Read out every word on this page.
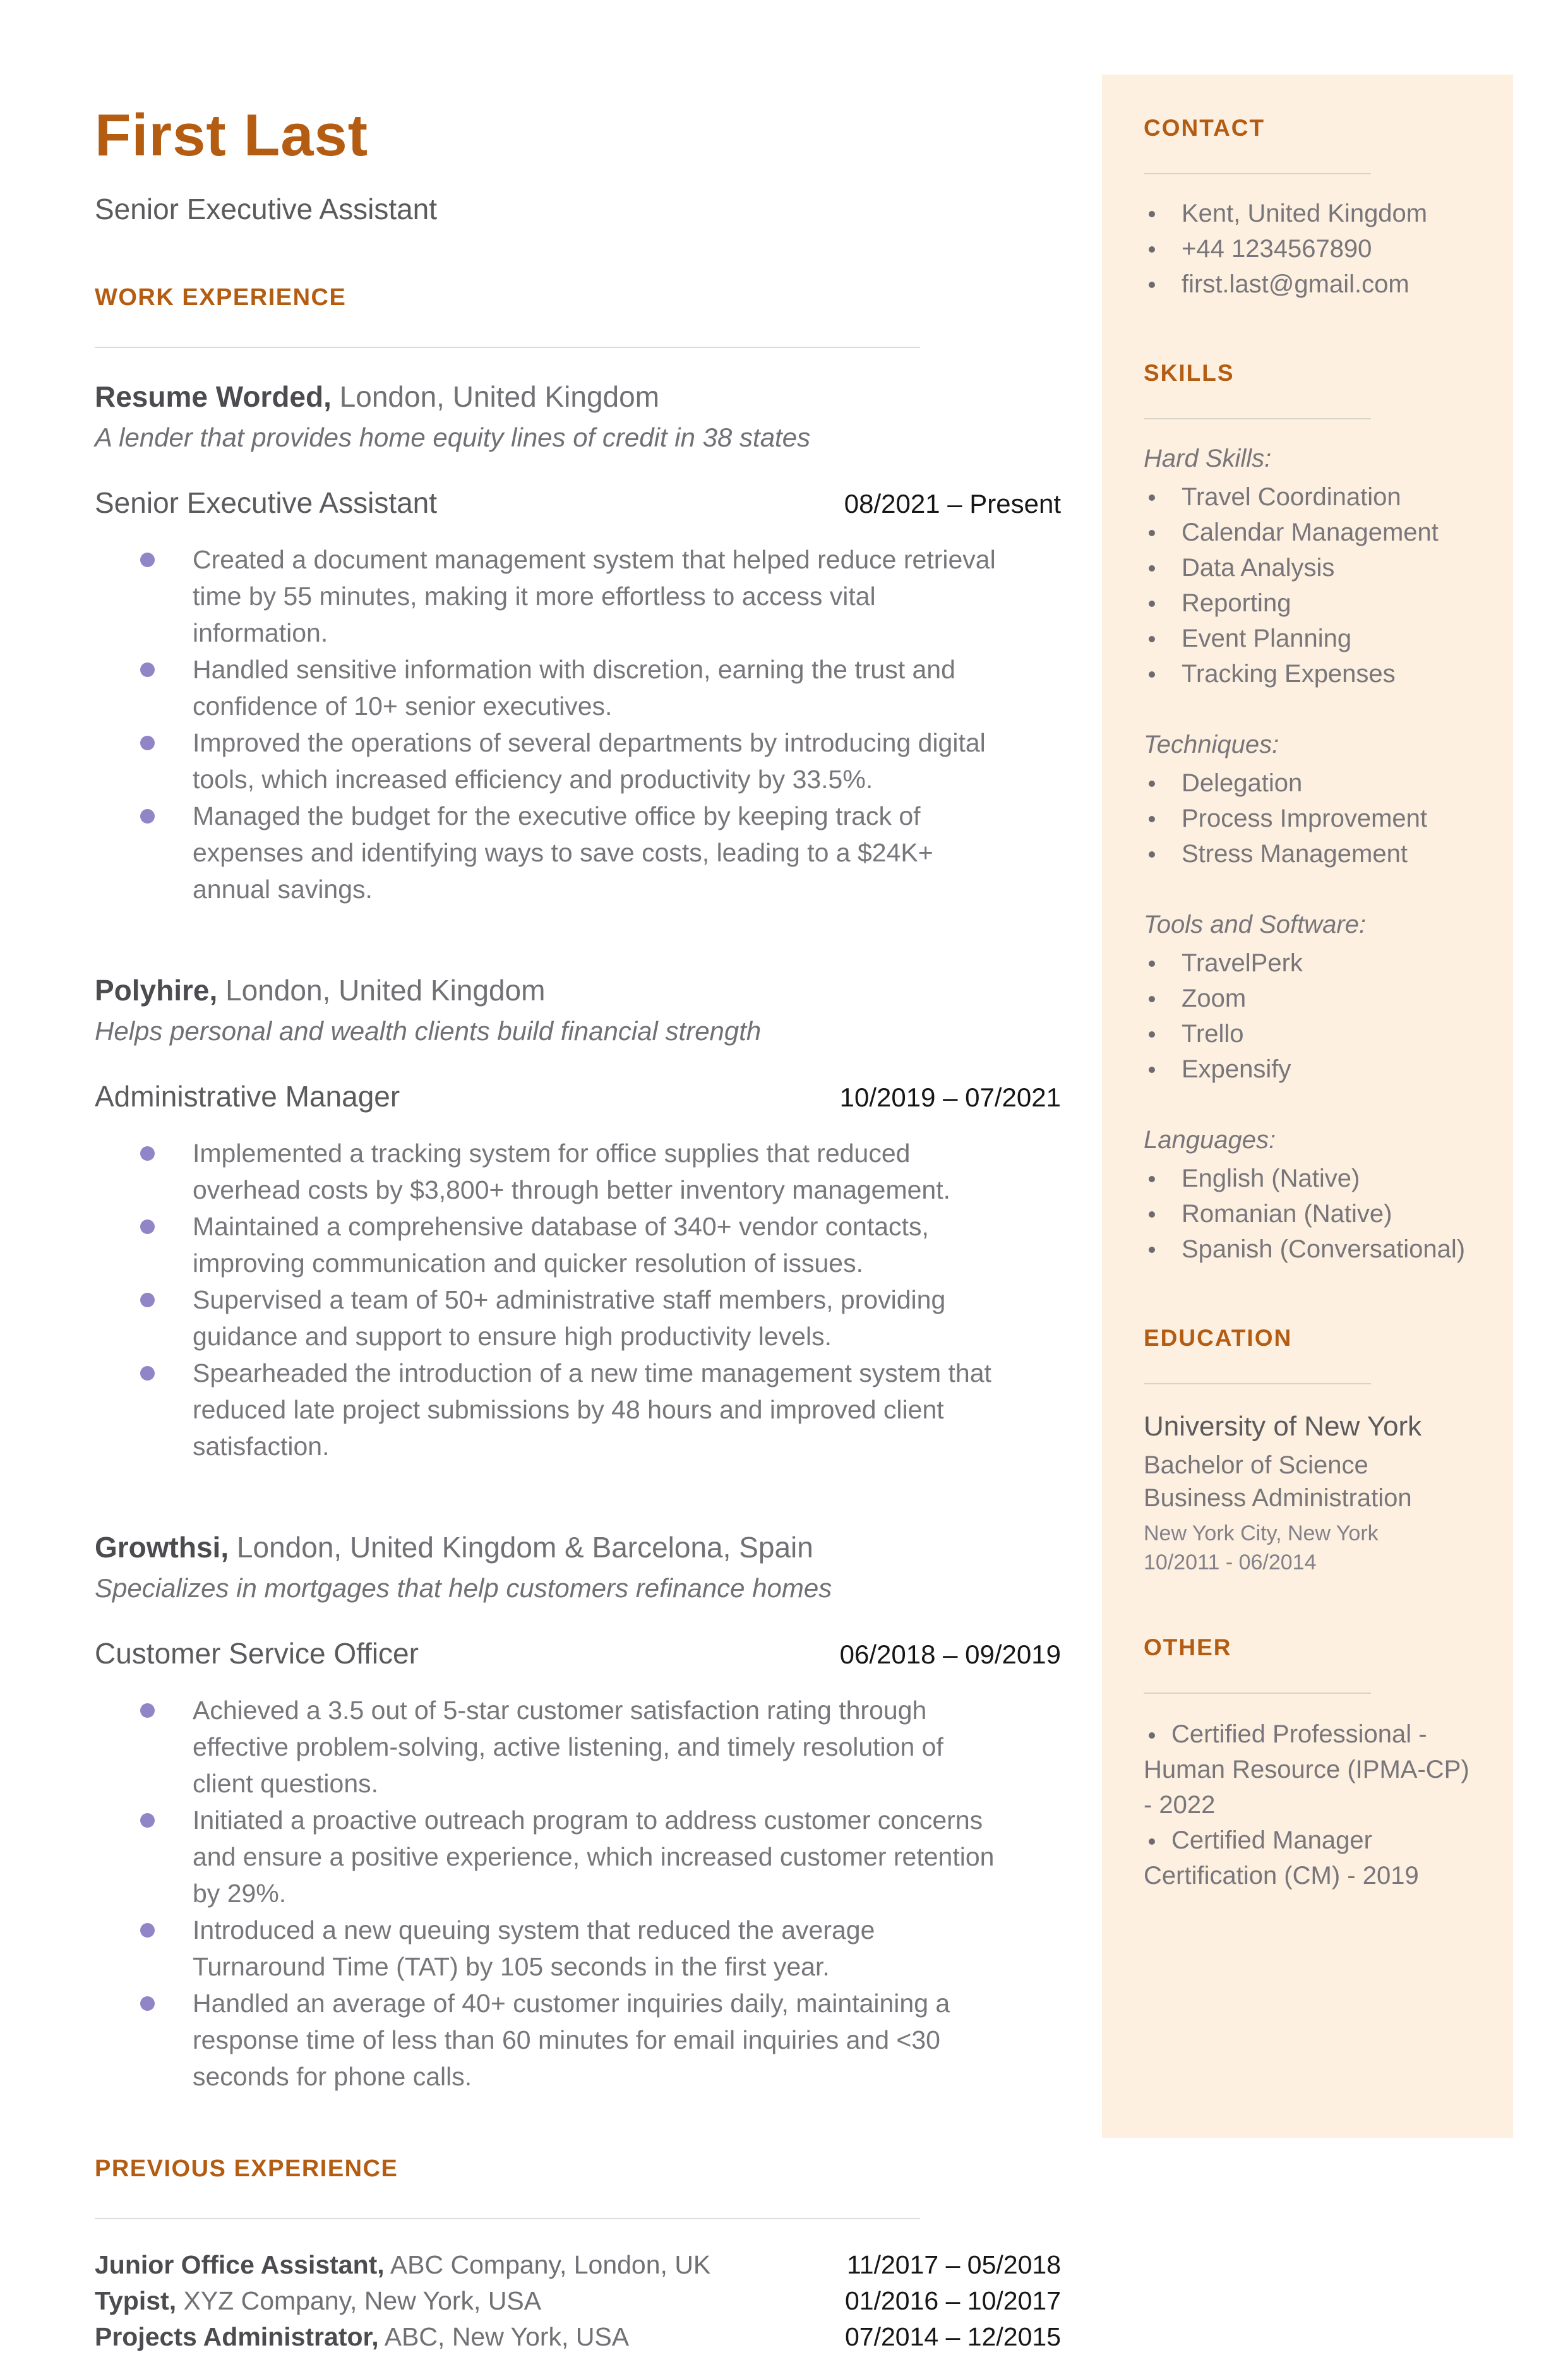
First Last
Senior Executive Assistant
WORK EXPERIENCE
Resume Worded, London, United Kingdom
A lender that provides home equity lines of credit in 38 states
Senior Executive Assistant	08/2021 – Present
Created a document management system that helped reduce retrieval time by 55 minutes, making it more effortless to access vital information.
Handled sensitive information with discretion, earning the trust and confidence of 10+ senior executives.
Improved the operations of several departments by introducing digital tools, which increased efficiency and productivity by 33.5%.
Managed the budget for the executive office by keeping track of expenses and identifying ways to save costs, leading to a $24K+ annual savings.
Polyhire, London, United Kingdom
Helps personal and wealth clients build financial strength
Administrative Manager	10/2019 – 07/2021
Implemented a tracking system for office supplies that reduced overhead costs by $3,800+ through better inventory management.
Maintained a comprehensive database of 340+ vendor contacts, improving communication and quicker resolution of issues.
Supervised a team of 50+ administrative staff members, providing guidance and support to ensure high productivity levels.
Spearheaded the introduction of a new time management system that reduced late project submissions by 48 hours and improved client satisfaction.
Growthsi, London, United Kingdom & Barcelona, Spain
Specializes in mortgages that help customers refinance homes
Customer Service Officer	06/2018 – 09/2019
Achieved a 3.5 out of 5-star customer satisfaction rating through effective problem-solving, active listening, and timely resolution of client questions.
Initiated a proactive outreach program to address customer concerns and ensure a positive experience, which increased customer retention by 29%.
Introduced a new queuing system that reduced the average Turnaround Time (TAT) by 105 seconds in the first year.
Handled an average of 40+ customer inquiries daily, maintaining a response time of less than 60 minutes for email inquiries and <30 seconds for phone calls.
PREVIOUS EXPERIENCE
Junior Office Assistant, ABC Company, London, UK	11/2017 – 05/2018
Typist, XYZ Company, New York, USA	01/2016 – 10/2017
Projects Administrator, ABC, New York, USA	07/2014 – 12/2015
CONTACT
Kent, United Kingdom
+44 1234567890
first.last@gmail.com
SKILLS
Hard Skills:
Travel Coordination
Calendar Management
Data Analysis
Reporting
Event Planning
Tracking Expenses
Techniques:
Delegation
Process Improvement
Stress Management
Tools and Software:
TravelPerk
Zoom
Trello
Expensify
Languages:
English (Native)
Romanian (Native)
Spanish (Conversational)
EDUCATION
University of New York
Bachelor of Science
Business Administration
New York City, New York
10/2011 - 06/2014
OTHER
Certified Professional - Human Resource (IPMA-CP) - 2022
Certified Manager Certification (CM) - 2019
